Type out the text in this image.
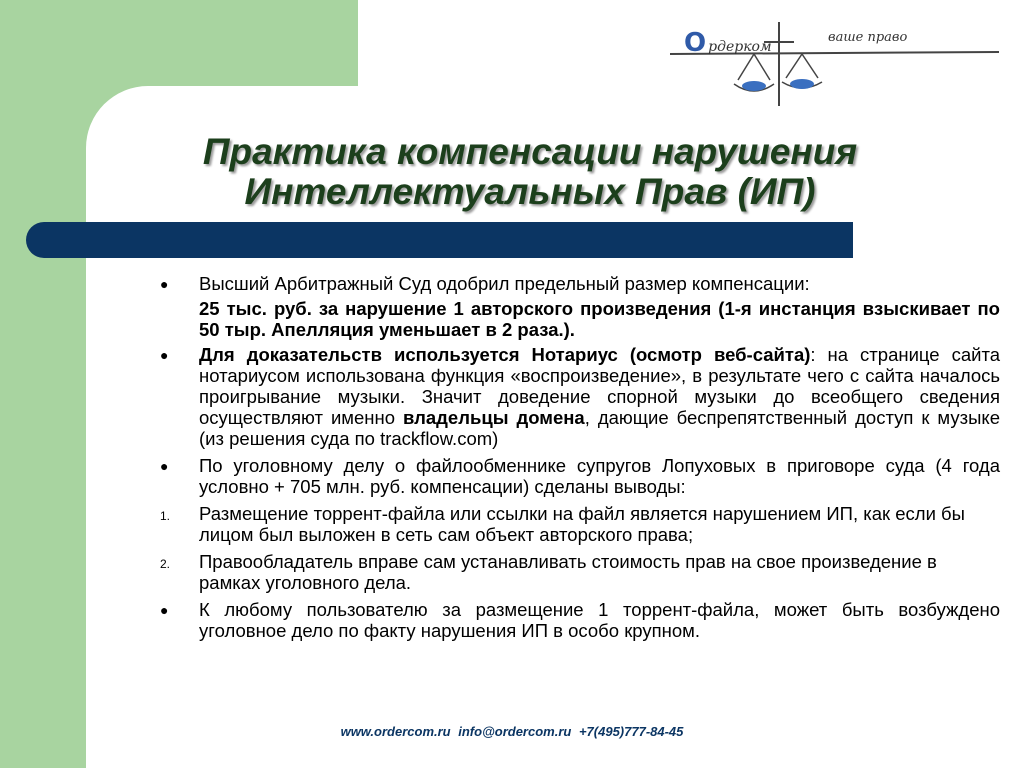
Oрдерком
ваше право
Практика компенсации нарушения
Интеллектуальных Прав (ИП)
●	Высший Арбитражный Суд одобрил предельный размер компенсации:

25 тыс. руб. за нарушение 1 авторского произведения (1-я инстанция взыскивает по 50 тыр. Апелляция уменьшает в 2 раза.).

●	Для доказательств используется Нотариус (осмотр веб-сайта): на странице сайта нотариусом использована функция «воспроизведение», в результате чего с сайта началось проигрывание музыки. Значит доведение спорной музыки до всеобщего сведения осуществляют именно владельцы домена, дающие беспрепятственный доступ к музыке (из решения суда по trackflow.com)

●	По уголовному делу о файлообменнике супругов Лопуховых в приговоре суда (4 года условно + 705 млн. руб. компенсации) сделаны выводы:

1.	Размещение торрент-файла или ссылки на файл является нарушением ИП, как если бы лицом был выложен в сеть сам объект авторского права;

2.	Правообладатель вправе сам устанавливать стоимость прав на свое произведение в рамках уголовного дела.

●	К любому пользователю за размещение 1 торрент-файла, может быть возбуждено уголовное дело по факту нарушения ИП в особо крупном.

www.ordercom.ru info@ordercom.ru +7(495)777-84-45
